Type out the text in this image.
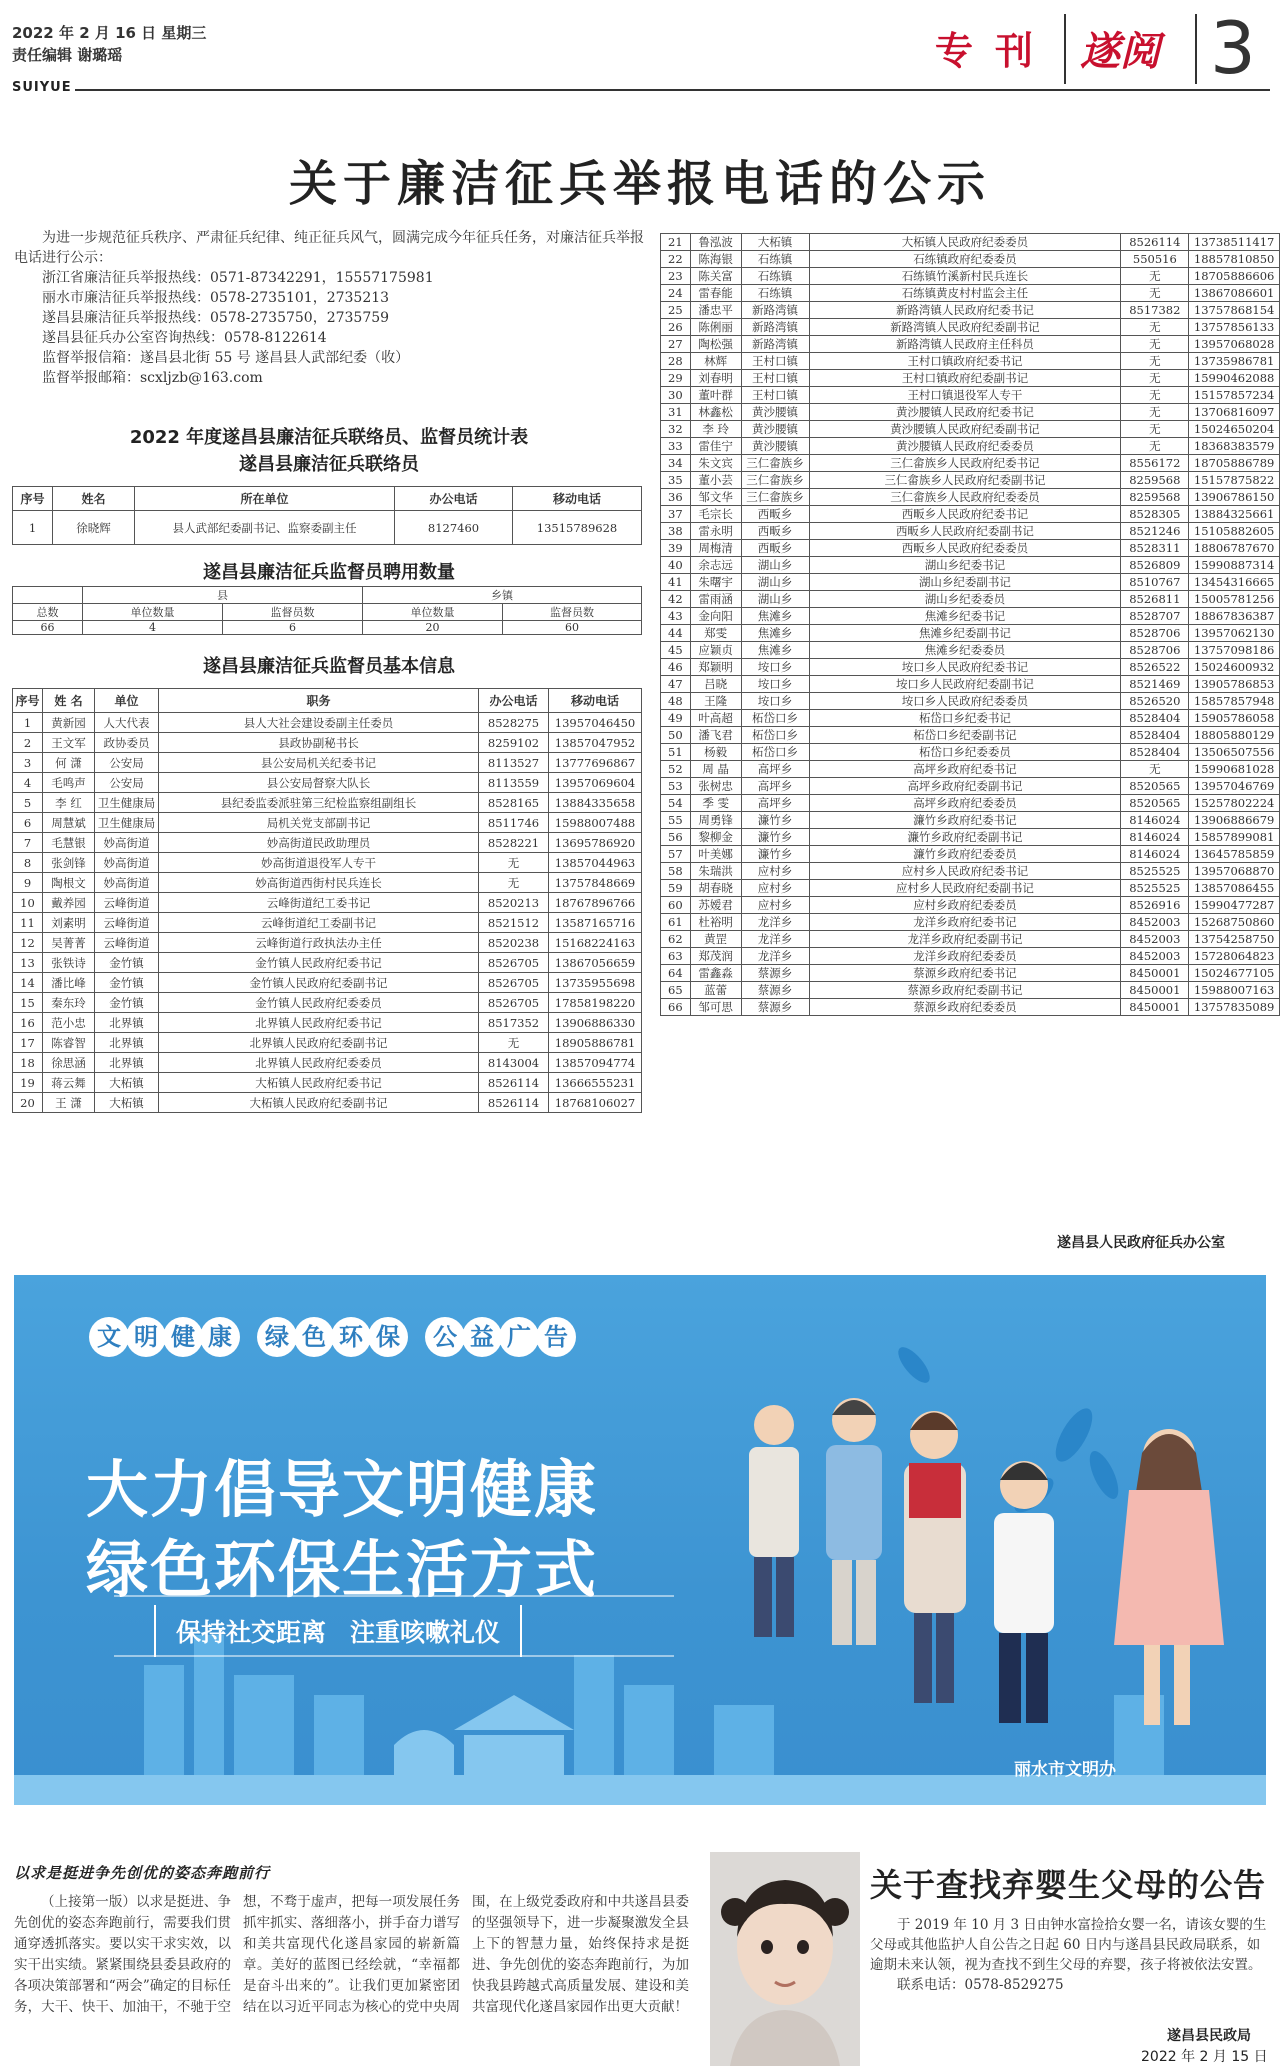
2022 年 2 月 16 日 星期三
责任编辑 谢璐瑶
SUIYUE
专刊 遂阅 3
关于廉洁征兵举报电话的公示

为进一步规范征兵秩序、严肃征兵纪律、纯正征兵风气，圆满完成今年征兵任务，对廉洁征兵举报电话进行公示：

浙江省廉洁征兵举报热线：0571-87342291，15557175981
丽水市廉洁征兵举报热线：0578-2735101，2735213
遂昌县廉洁征兵举报热线：0578-2735750，2735759
遂昌县征兵办公室咨询热线：0578-8122614
监督举报信箱：遂昌县北街 55 号 遂昌县人武部纪委（收）
监督举报邮箱：scxljzb@163.com
2022 年度遂昌县廉洁征兵联络员、监督员统计表
遂昌县廉洁征兵联络员
序号	姓名	所在单位	办公电话	移动电话
1	徐晓辉	县人武部纪委副书记、监察委副主任	8127460	13515789628
遂昌县廉洁征兵监督员聘用数量
	县		乡镇	
总数	单位数量	监督员数	单位数量	监督员数
66	4	6	20	60
遂昌县廉洁征兵监督员基本信息
序号	姓 名	单位	职务	办公电话	移动电话
1	黄新园	人大代表	县人大社会建设委副主任委员	8528275	13957046450
2	王文军	政协委员	县政协副秘书长	8259102	13857047952
3	何 潇	公安局	县公安局机关纪委书记	8113527	13777696867
4	毛鸣声	公安局	县公安局督察大队长	8113559	13957069604
5	李 红	卫生健康局	县纪委监委派驻第三纪检监察组副组长	8528165	13884335658
6	周慧斌	卫生健康局	局机关党支部副书记	8511746	15988007488
7	毛慧银	妙高街道	妙高街道民政助理员	8528221	13695786920
8	张剑锋	妙高街道	妙高街道退役军人专干	无	13857044963
9	陶根文	妙高街道	妙高街道西街村民兵连长	无	13757848669
10	戴养园	云峰街道	云峰街道纪工委书记	8520213	18767896766
11	刘素明	云峰街道	云峰街道纪工委副书记	8521512	13587165716
12	吴菁菁	云峰街道	云峰街道行政执法办主任	8520238	15168224163
13	张铁诗	金竹镇	金竹镇人民政府纪委书记	8526705	13867056659
14	潘比峰	金竹镇	金竹镇人民政府纪委副书记	8526705	13735955698
15	秦东玲	金竹镇	金竹镇人民政府纪委委员	8526705	17858198220
16	范小忠	北界镇	北界镇人民政府纪委书记	8517352	13906886330
17	陈睿智	北界镇	北界镇人民政府纪委副书记	无	18905886781
18	徐思涵	北界镇	北界镇人民政府纪委委员	8143004	13857094774
19	蒋云舞	大柘镇	大柘镇人民政府纪委书记	8526114	13666555231
20	王 潇	大柘镇	大柘镇人民政府纪委副书记	8526114	18768106027
21	鲁泓波	大柘镇	大柘镇人民政府纪委委员	8526114	13738511417
22	陈海银	石练镇	石练镇政府纪委委员	550516	18857810850
23	陈关富	石练镇	石练镇竹溪新村民兵连长	无	18705886606
24	雷春能	石练镇	石练镇黄皮村村监会主任	无	13867086601
25	潘忠平	新路湾镇	新路湾镇人民政府纪委书记	8517382	13757868154
26	陈俐丽	新路湾镇	新路湾镇人民政府纪委副书记	无	13757856133
27	陶松强	新路湾镇	新路湾镇人民政府主任科员	无	13957068028
28	林辉	王村口镇	王村口镇政府纪委书记	无	13735986781
29	刘春明	王村口镇	王村口镇政府纪委副书记	无	15990462088
30	董叶群	王村口镇	王村口镇退役军人专干	无	15157857234
31	林鑫松	黄沙腰镇	黄沙腰镇人民政府纪委书记	无	13706816097
32	李 玲	黄沙腰镇	黄沙腰镇人民政府纪委副书记	无	15024650204
33	雷佳宁	黄沙腰镇	黄沙腰镇人民政府纪委委员	无	18368383579
34	朱文宾	三仁畲族乡	三仁畲族乡人民政府纪委书记	8556172	18705886789
35	董小芸	三仁畲族乡	三仁畲族乡人民政府纪委副书记	8259568	15157875822
36	邹文华	三仁畲族乡	三仁畲族乡人民政府纪委委员	8259568	13906786150
37	毛宗长	西畈乡	西畈乡人民政府纪委书记	8528305	13884325661
38	雷永明	西畈乡	西畈乡人民政府纪委副书记	8521246	15105882605
39	周梅清	西畈乡	西畈乡人民政府纪委委员	8528311	18806787670
40	余志远	湖山乡	湖山乡纪委书记	8526809	15990887314
41	朱曙宇	湖山乡	湖山乡纪委副书记	8510767	13454316665
42	雷雨涵	湖山乡	湖山乡纪委委员	8526811	15005781256
43	金向阳	焦滩乡	焦滩乡纪委书记	8528707	18867836387
44	郑雯	焦滩乡	焦滩乡纪委副书记	8528706	13957062130
45	应颖贞	焦滩乡	焦滩乡纪委委员	8528706	13757098186
46	郑颖明	垵口乡	垵口乡人民政府纪委书记	8526522	15024600932
47	吕晓	垵口乡	垵口乡人民政府纪委副书记	8521469	13905786853
48	王隆	垵口乡	垵口乡人民政府纪委委员	8526520	15857857948
49	叶高超	柘岱口乡	柘岱口乡纪委书记	8528404	15905786058
50	潘飞君	柘岱口乡	柘岱口乡纪委副书记	8528404	18805880129
51	杨毅	柘岱口乡	柘岱口乡纪委委员	8528404	13506507556
52	周 晶	高坪乡	高坪乡政府纪委书记	无	15990681028
53	张树忠	高坪乡	高坪乡政府纪委副书记	8520565	13957046769
54	季 雯	高坪乡	高坪乡政府纪委委员	8520565	15257802224
55	周勇锋	濂竹乡	濂竹乡政府纪委书记	8146024	13906886679
56	黎柳金	濂竹乡	濂竹乡政府纪委副书记	8146024	15857899081
57	叶美娜	濂竹乡	濂竹乡政府纪委委员	8146024	13645785859
58	朱瑞洪	应村乡	应村乡人民政府纪委书记	8525525	13957068870
59	胡春晓	应村乡	应村乡人民政府纪委副书记	8525525	13857086455
60	苏嫒君	应村乡	应村乡政府纪委委员	8526916	15990477287
61	杜裕明	龙洋乡	龙洋乡政府纪委书记	8452003	15268750860
62	黄罡	龙洋乡	龙洋乡政府纪委副书记	8452003	13754258750
63	郑茂润	龙洋乡	龙洋乡政府纪委委员	8452003	15728064823
64	雷鑫淼	蔡源乡	蔡源乡政府纪委书记	8450001	15024677105
65	蓝蕾	蔡源乡	蔡源乡政府纪委副书记	8450001	15988007163
66	邹可思	蔡源乡	蔡源乡政府纪委委员	8450001	13757835089
遂昌县人民政府征兵办公室
文 明 健 康 绿 色 环 保 公 益 广 告
大力倡导文明健康
绿色环保生活方式
保持社交距离 注重咳嗽礼仪
丽水市文明办
以求是挺进争先创优的姿态奔跑前行

（上接第一版）以求是挺进、争先创优的姿态奔跑前行，需要我们贯通穿透抓落实。要以实干求实效，以实干出实绩。紧紧围绕县委县政府的各项决策部署和“两会”确定的目标任务，大干、快干、加油干，不驰于空想，不骛于虚声，把每一项发展任务抓牢抓实、落细落小，拼手奋力谱写和美共富现代化遂昌家园的崭新篇章。美好的蓝图已经绘就，“幸福都是奋斗出来的”。让我们更加紧密团结在以习近平同志为核心的党中央周围，在上级党委政府和中共遂昌县委的坚强领导下，进一步凝聚激发全县上下的智慧力量，始终保持求是挺进、争先创优的姿态奔跑前行，为加快我县跨越式高质量发展、建设和美共富现代化遂昌家园作出更大贡献！

关于查找弃婴生父母的公告

于 2019 年 10 月 3 日由钟水富捡拾女婴一名，请该女婴的生父母或其他监护人自公告之日起 60 日内与遂昌县民政局联系，如逾期未来认领，视为查找不到生父母的弃婴，孩子将被依法安置。

联系电话：0578-8529275

遂昌县民政局
2022 年 2 月 15 日
